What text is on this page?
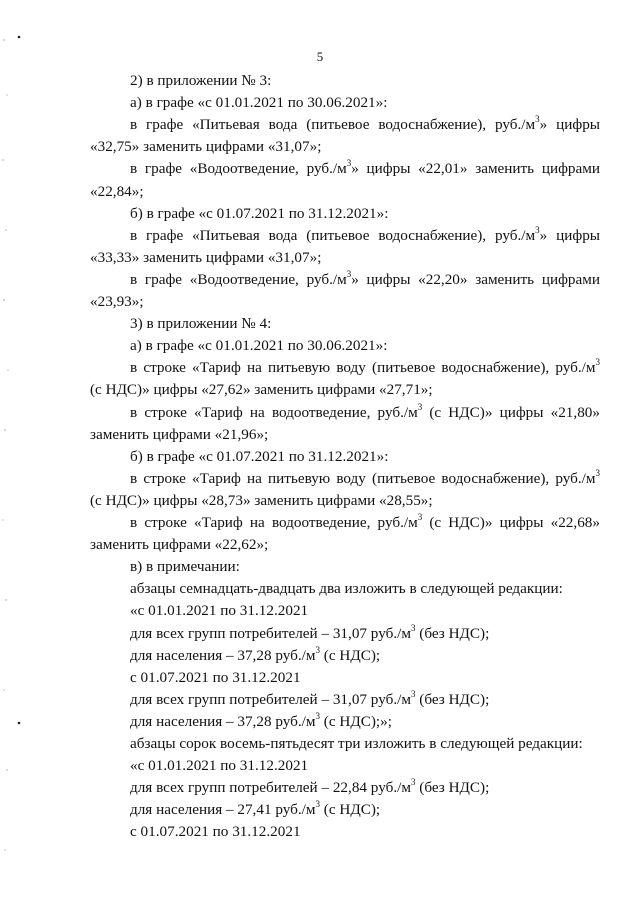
5

2) в приложении № 3:

а) в графе «с 01.01.2021 по 30.06.2021»:

в графе «Питьевая вода (питьевое водоснабжение), $руб./м^3$» цифры

«32,75» заменить цифрами «31,07»;

в графе «Водоотведение, $руб./м^3$» цифры «22,01» заменить цифрами

«22,84»;

б) в графе «с 01.07.2021 по 31.12.2021»:

в графе «Питьевая вода (питьевое водоснабжение), $руб./м^3$» цифры

«33,33» заменить цифрами «31,07»;

в графе «Водоотведение, $руб./м^3$» цифры «22,20» заменить цифрами

«23,93»;

3) в приложении № 4:

а) в графе «с 01.01.2021 по 30.06.2021»:

в строке «Тариф на питьевую воду (питьевое водоснабжение), $руб./м^3$

(с НДС)» цифры «27,62» заменить цифрами «27,71»;

в строке «Тариф на водоотведение, $руб./м^3$ (с НДС)» цифры «21,80»

заменить цифрами «21,96»;

б) в графе «с 01.07.2021 по 31.12.2021»:

в строке «Тариф на питьевую воду (питьевое водоснабжение), $руб./м^3$

(с НДС)» цифры «28,73» заменить цифрами «28,55»;

в строке «Тариф на водоотведение, $руб./м^3$ (с НДС)» цифры «22,68»

заменить цифрами «22,62»;

в) в примечании:

абзацы семнадцать-двадцать два изложить в следующей редакции:

«с 01.01.2021 по 31.12.2021

для всех групп потребителей – 31,07 $руб./м^3$ (без НДС);

для населения – 37,28 $руб./м^3$ (с НДС);

с 01.07.2021 по 31.12.2021

для всех групп потребителей – 31,07 $руб./м^3$ (без НДС);

для населения – 37,28 $руб./м^3$ (с НДС);»;

абзацы сорок восемь-пятьдесят три изложить в следующей редакции:

«с 01.01.2021 по 31.12.2021

для всех групп потребителей – 22,84 $руб./м^3$ (без НДС);

для населения – 27,41 $руб./м^3$ (с НДС);

с 01.07.2021 по 31.12.2021
